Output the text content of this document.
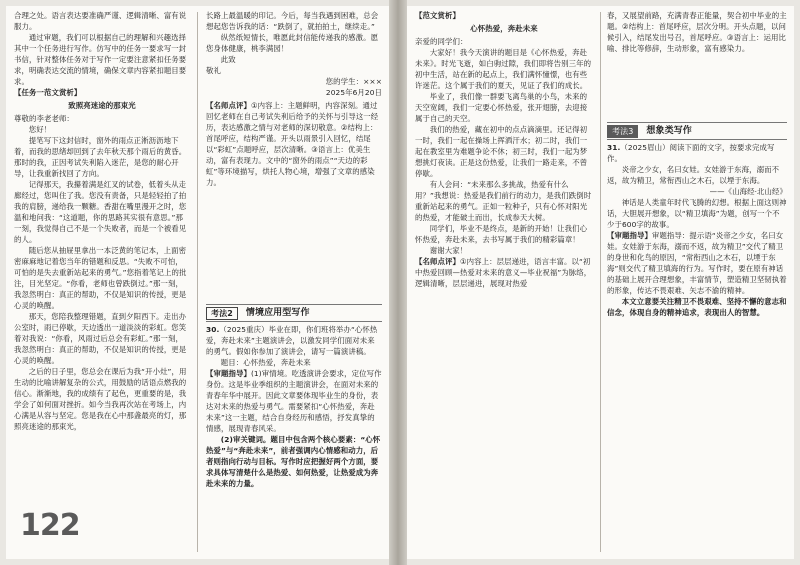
合理之处。语言表达要准确严谨、逻辑清晰、富有说服力。

通过审题，我们可以根据自己的理解和兴趣选择其中一个任务进行写作。仿写中的任务一要求写一封书信，针对整体任务对于写作一定要注意紧扣任务要求，明确表达交流的情境，确保文章内容紧扣题目要求。

【任务一范文赏析】

致照亮迷途的那束光

尊敬的李老老师：

您好！

提笔写下这封信时，窗外的雨点正淅沥沥地下着，而我的思绪却回到了去年秋天那个雨后的黄昏。那时的我，正因考试失利陷入迷茫，是您的耐心开导，让我重新找回了方向。

记得那天，我攥着满是红叉的试卷，低着头从走廊经过，您叫住了我。您没有责备，只是轻轻拍了拍我的肩膀，递给我一颗糖。香甜在嘴里漫开之时，您温和地问我：“这道题，你的思路其实很有意思。”那一刻，我觉得自己不是一个失败者，而是一个被看见的人。

随后您从抽屉里拿出一本泛黄的笔记本，上面密密麻麻地记着您当年的错题和反思。“失败不可怕，可怕的是失去重新站起来的勇气。”您指着笔记上的批注，目光坚定。“你看，老师也曾跌倒过。”那一刻，我忽然明白：真正的帮助，不仅是知识的传授，更是心灵的唤醒。

那天，您陪我整理错题，直到夕阳西下。走出办公室时，雨已停歇，天边透出一道淡淡的彩虹。您笑着对我说：“你看，风雨过后总会有彩虹。”那一刻，我忽然明白：真正的帮助，不仅是知识的传授，更是心灵的唤醒。

之后的日子里，您总会在课后为我“开小灶”，用生动的比喻讲解复杂的公式，用鼓励的话语点燃我的信心。渐渐地，我的成绩有了起色，更重要的是，我学会了如何面对挫折。如今当我再次站在考场上，内心满是从容与坚定。您是我在心中那盏最亮的灯，那照亮迷途的那束光，

长路上最温暖的印记。今后，每当我遇到困难，总会想起您告诉我的话：“跌倒了，就拍拍土，继续走。”

纵然纸短情长，唯愿此封信能传递我的感激。愿您身体健康，桃李满园！

此致

敬礼

您的学生：×××
2025年6月20日

【名师点评】①内容上：主题鲜明，内容深刻。通过回忆老师在自己考试失利后给予的关怀与引导这一经历，表达感激之情与对老师的深切敬意。②结构上：首尾呼应，结构严谨。开头以雨景引入回忆，结尾以“彩虹”点题呼应，层次清晰。③语言上：优美生动，富有表现力。文中的“窗外的雨点”“天边的彩虹”等环境描写，烘托人物心境，增强了文章的感染力。

考法2	情境应用型写作

30.（2025重庆）毕业在即，你们班将举办“心怀热爱，奔赴未来”主题演讲会，以激发同学们面对未来的勇气。假如你参加了演讲会，请写一篇演讲稿。

题目：心怀热爱，奔赴未来

【审题指导】(1)审情境。吃透演讲会要求，定位写作身份。这是毕业季组织的主题演讲会，在面对未来的青春年华中展开。因此文章要体现毕业生的身份，表达对未来的热爱与勇气。需要紧扣“心怀热爱，奔赴未来”这一主题，结合自身经历和感悟，抒发真挚的情感，展现青春风采。

(2)审关键词。题目中包含两个核心要素：“心怀热爱”与“奔赴未来”，前者强调内心情感和动力，后者则指向行动与目标。写作时应把握好两个方面，要求具体写清楚什么是热爱、如何热爱，让热爱成为奔赴未来的力量。

122

【范文赏析】

心怀热爱，奔赴未来

亲爱的同学们：

大家好！我今天演讲的题目是《心怀热爱，奔赴未来》。时光飞逝，如白驹过隙，我们即将告别三年的初中生活，站在新的起点上，我们满怀憧憬，也有些许迷茫。这个属于我们的夏天，见证了我们的成长。

毕业了，我们像一群要飞离鸟巢的小鸟，未来的天空宽阔，我们一定要心怀热爱，张开翅膀，去迎接属于自己的天空。

我们的热爱，藏在初中的点点滴滴里。还记得初一时，我们一起在操场上挥洒汗水；初二时，我们一起在教室里为难题争论不休；初三时，我们一起为梦想挑灯夜读。正是这份热爱，让我们一路走来，不曾停歇。

有人会问：“未来那么多挑战，热爱有什么用？”我想说：热爱是我们前行的动力，是我们跌倒时重新站起来的勇气。正如一粒种子，只有心怀对阳光的热爱，才能破土而出，长成参天大树。

同学们，毕业不是终点，是新的开始！让我们心怀热爱，奔赴未来，去书写属于我们的精彩篇章！

谢谢大家！

【名师点评】①内容上：层层递进，语言丰富。以“初中热爱回顾—热爱对未来的意义—毕业祝福”为脉络，逻辑清晰，层层递进，展现对热爱

春，又展望前路，充满青春正能量，契合初中毕业的主题。②结构上：首尾呼应，层次分明。开头点题，以问候引入，结尾发出号召，首尾呼应。③语言上：运用比喻、排比等修辞，生动形象，富有感染力。

考法3	想象类写作

31.（2025眉山）阅读下面的文字，按要求完成写作。

炎帝之少女，名曰女娃。女娃游于东海，溺而不返，故为精卫，常衔西山之木石，以堙于东海。

——《山海经·北山经》

神话是人类童年时代飞腾的幻想。根据上面这则神话，大胆展开想象，以“精卫填海”为题，创写一个不少于600字的故事。

【审题指导】审题指导：提示语“炎帝之少女，名曰女娃。女娃游于东海，溺而不返，故为精卫”交代了精卫的身世和化鸟的原因，“常衔西山之木石，以堙于东海”则交代了精卫填海的行为。写作时，要在原有神话的基础上展开合理想象，丰富情节，塑造精卫坚韧执着的形象，传达不畏艰难、矢志不渝的精神。

本文立意要关注精卫不畏艰难、坚持不懈的意志和信念，体现自身的精神追求，表现出人的智慧。
